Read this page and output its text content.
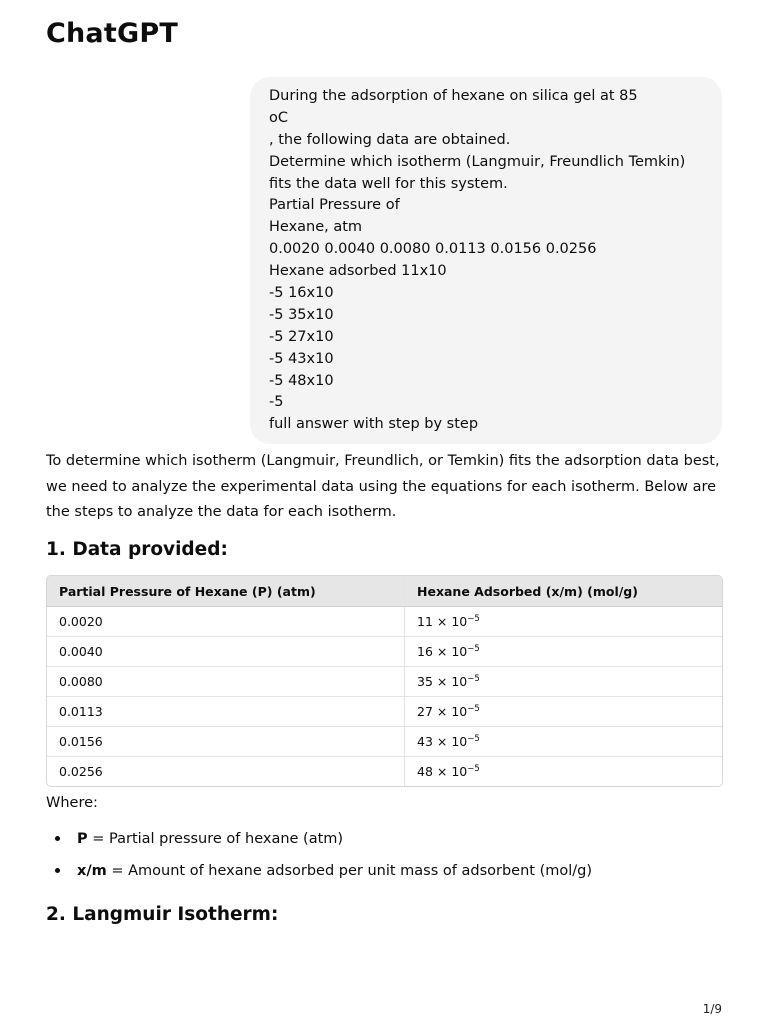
ChatGPT
During the adsorption of hexane on silica gel at 85
oC
, the following data are obtained.
Determine which isotherm (Langmuir, Freundlich Temkin)
fits the data well for this system.
Partial Pressure of
Hexane, atm
0.0020 0.0040 0.0080 0.0113 0.0156 0.0256
Hexane adsorbed 11x10
-5 16x10
-5 35x10
-5 27x10
-5 43x10
-5 48x10
-5
full answer with step by step

To determine which isotherm (Langmuir, Freundlich, or Temkin) fits the adsorption data best, we need to analyze the experimental data using the equations for each isotherm. Below are the steps to analyze the data for each isotherm.

1. Data provided:
Partial Pressure of Hexane (P) (atm)	Hexane Adsorbed (x/m) (mol/g)
0.0020	$11 \times 10^{-5}$
0.0040	$16 \times 10^{-5}$
0.0080	$35 \times 10^{-5}$
0.0113	$27 \times 10^{-5}$
0.0156	$43 \times 10^{-5}$
0.0256	$48 \times 10^{-5}$

Where:

P = Partial pressure of hexane (atm)
x/m = Amount of hexane adsorbed per unit mass of adsorbent (mol/g)
2. Langmuir Isotherm:
1/9
